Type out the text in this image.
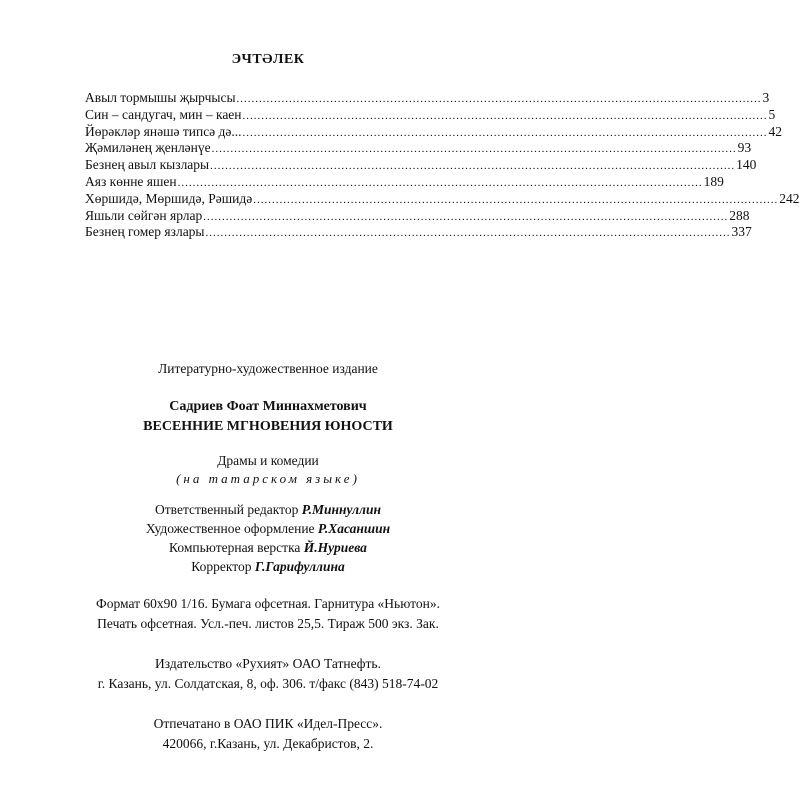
ЭЧТӘЛЕК
Авыл тормышы җырчысы ............................................................................................................................................ 3
Син – сандугач, мин – каен ............................................................................................................................................ 5
Йөрәкләр янәшә типсә дә... ............................................................................................................................................ 42
Җәмиләнең җенләнүе ............................................................................................................................................ 93
Безнең авыл кызлары ............................................................................................................................................ 140
Аяз көнне яшен ............................................................................................................................................ 189
Хөршидә, Мөршидә, Рәшидә ............................................................................................................................................ 242
Яшьли сөйгән ярлар ............................................................................................................................................ 288
Безнең гомер язлары ............................................................................................................................................ 337
Литературно-художественное издание
Садриев Фоат Миннахметович
ВЕСЕННИЕ МГНОВЕНИЯ ЮНОСТИ
Драмы и комедии
(на татарском языке)
Ответственный редактор Р.Миннуллин
Художественное оформление Р.Хасаншин
Компьютерная верстка Й.Нуриева
Корректор Г.Гарифуллина
Формат 60х90 1/16. Бумага офсетная. Гарнитура «Ньютон».
Печать офсетная. Усл.-печ. листов 25,5. Тираж 500 экз. Зак.
Издательство «Рухият» ОАО Татнефть.
г. Казань, ул. Солдатская, 8, оф. 306. т/факс (843) 518-74-02
Отпечатано в ОАО ПИК «Идел-Пресс».
420066, г.Казань, ул. Декабристов, 2.
